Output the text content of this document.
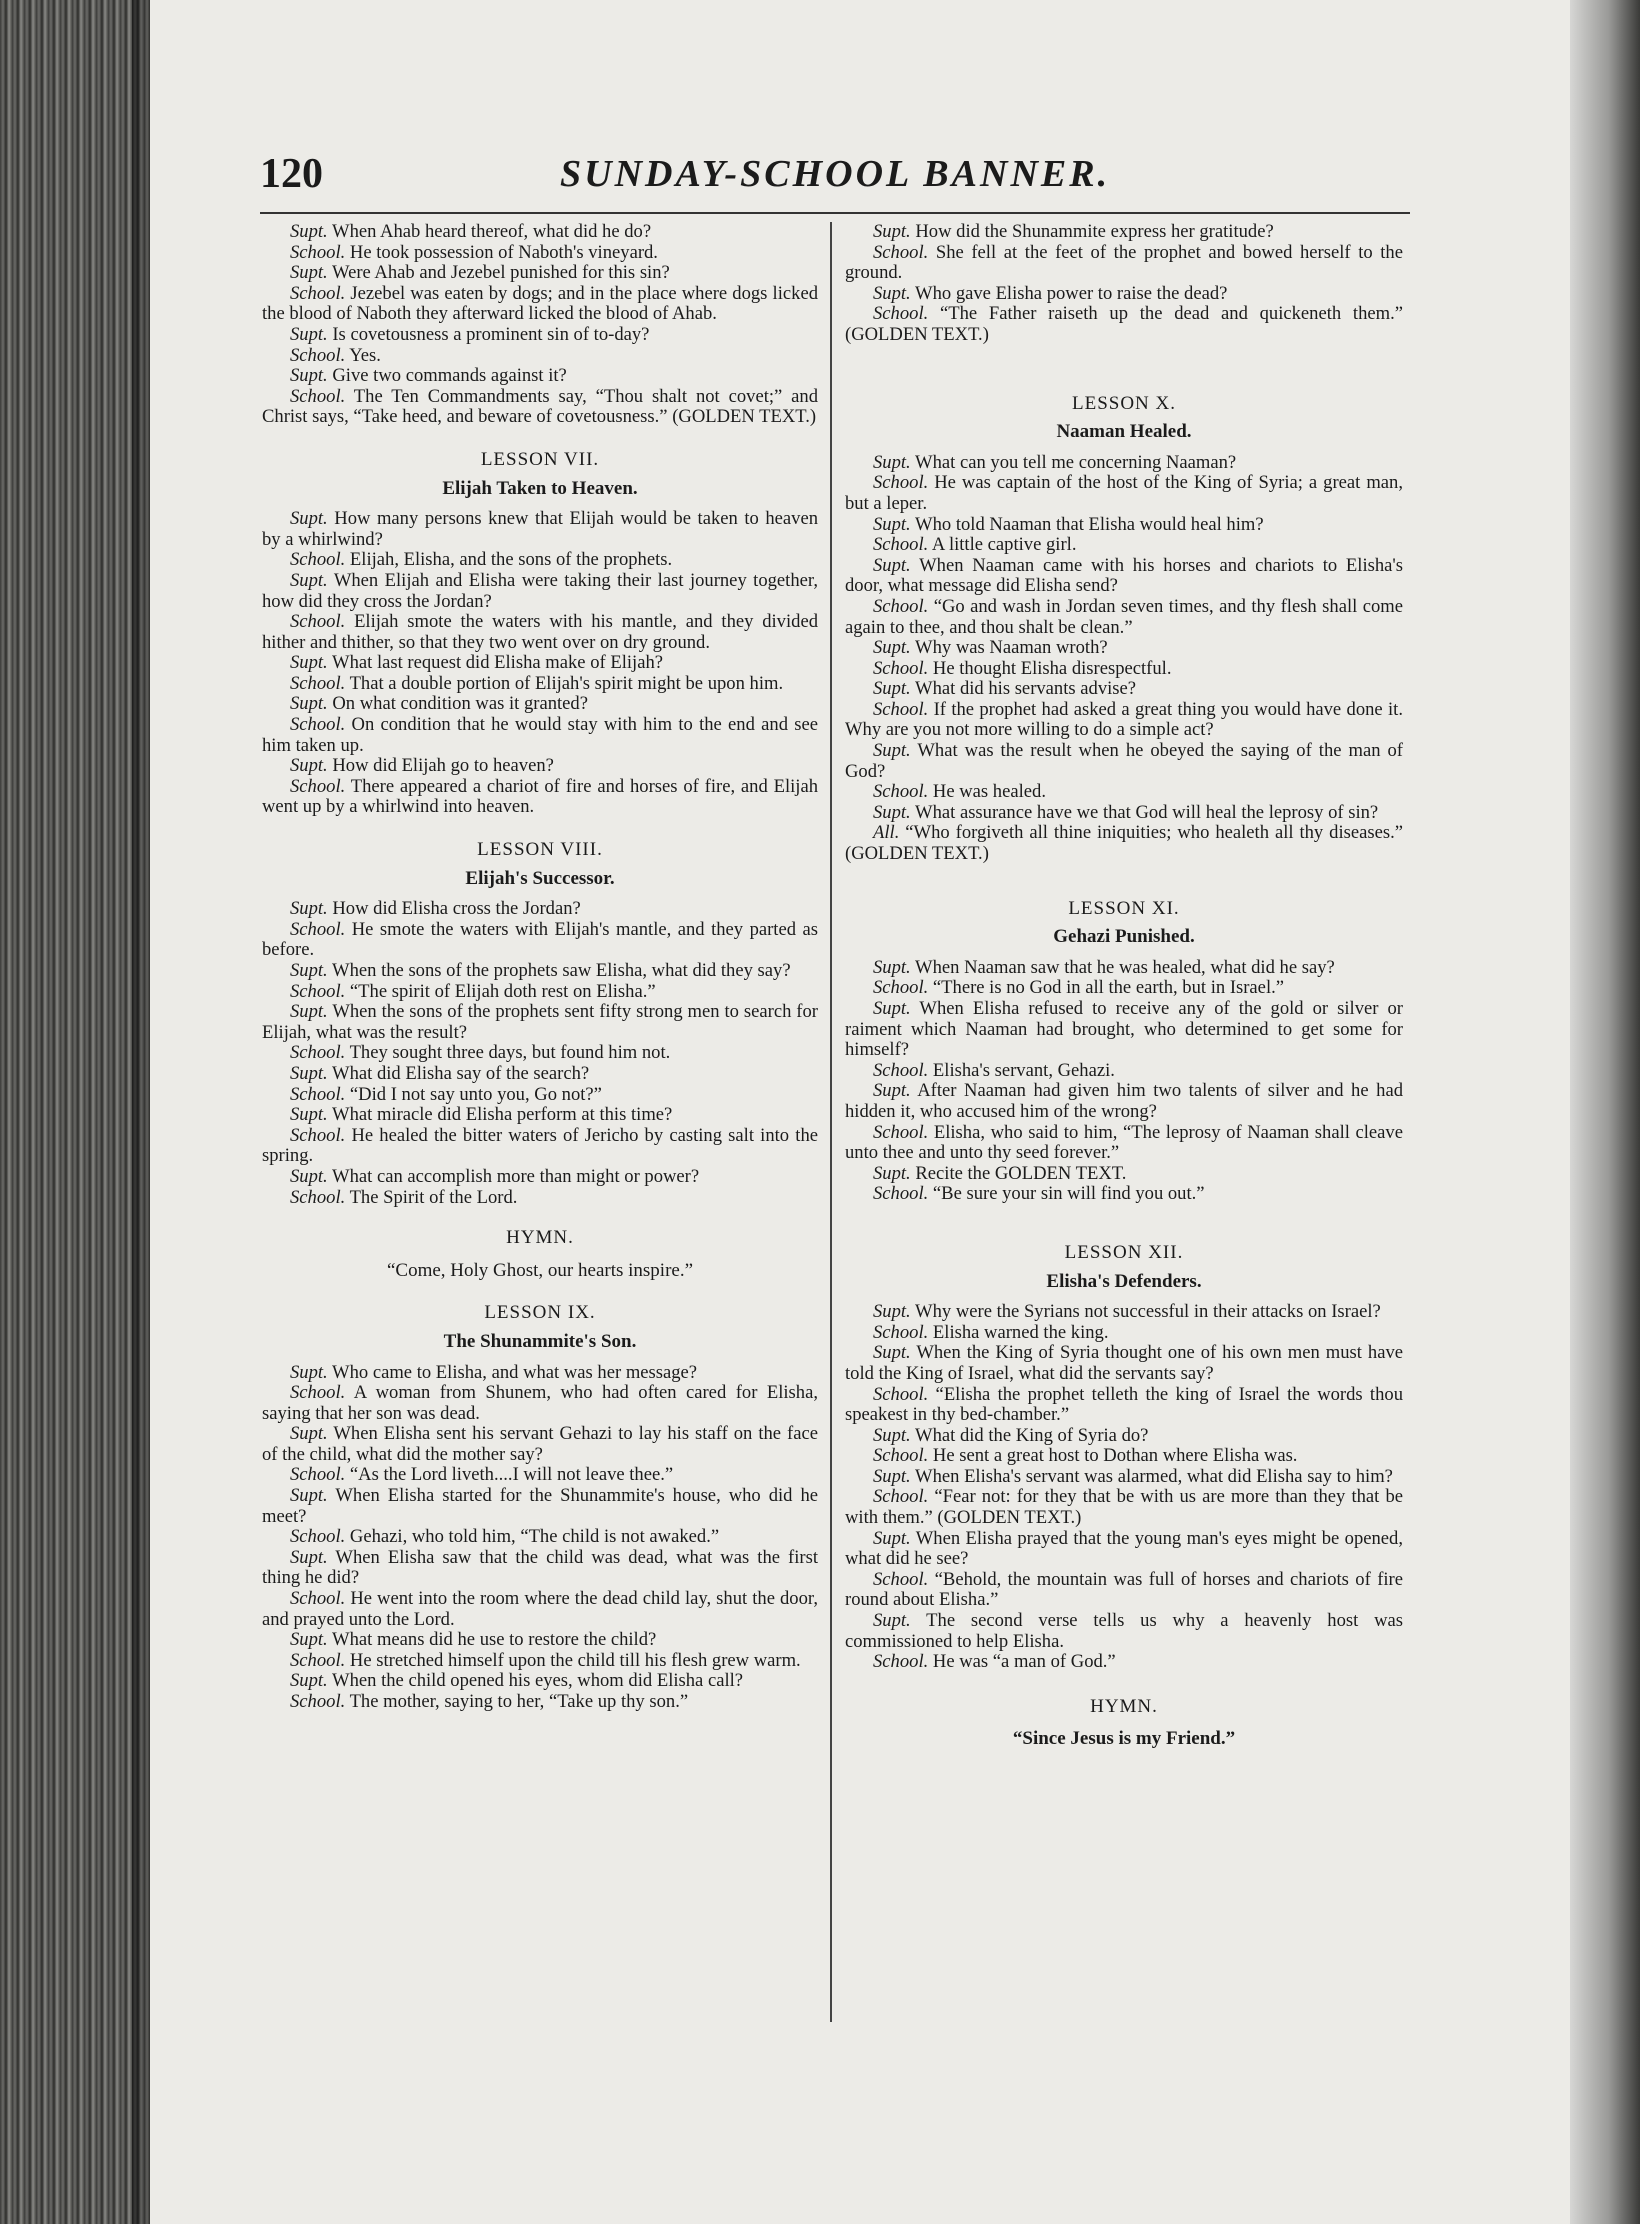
120	SUNDAY-SCHOOL BANNER.

Supt. When Ahab heard thereof, what did he do?

School. He took possession of Naboth's vineyard.

Supt. Were Ahab and Jezebel punished for this sin?

School. Jezebel was eaten by dogs; and in the place where dogs licked the blood of Naboth they afterward licked the blood of Ahab.

Supt. Is covetousness a prominent sin of to-day?

School. Yes.

Supt. Give two commands against it?

School. The Ten Commandments say, “Thou shalt not covet;” and Christ says, “Take heed, and beware of covetousness.” (GOLDEN TEXT.)

LESSON VII.
Elijah Taken to Heaven.

Supt. How many persons knew that Elijah would be taken to heaven by a whirlwind?

School. Elijah, Elisha, and the sons of the prophets.

Supt. When Elijah and Elisha were taking their last journey together, how did they cross the Jordan?

School. Elijah smote the waters with his mantle, and they divided hither and thither, so that they two went over on dry ground.

Supt. What last request did Elisha make of Elijah?

School. That a double portion of Elijah's spirit might be upon him.

Supt. On what condition was it granted?

School. On condition that he would stay with him to the end and see him taken up.

Supt. How did Elijah go to heaven?

School. There appeared a chariot of fire and horses of fire, and Elijah went up by a whirlwind into heaven.

LESSON VIII.
Elijah's Successor.

Supt. How did Elisha cross the Jordan?

School. He smote the waters with Elijah's mantle, and they parted as before.

Supt. When the sons of the prophets saw Elisha, what did they say?

School. “The spirit of Elijah doth rest on Elisha.”

Supt. When the sons of the prophets sent fifty strong men to search for Elijah, what was the result?

School. They sought three days, but found him not.

Supt. What did Elisha say of the search?

School. “Did I not say unto you, Go not?”

Supt. What miracle did Elisha perform at this time?

School. He healed the bitter waters of Jericho by casting salt into the spring.

Supt. What can accomplish more than might or power?

School. The Spirit of the Lord.

HYMN.
“Come, Holy Ghost, our hearts inspire.”
LESSON IX.
The Shunammite's Son.

Supt. Who came to Elisha, and what was her message?

School. A woman from Shunem, who had often cared for Elisha, saying that her son was dead.

Supt. When Elisha sent his servant Gehazi to lay his staff on the face of the child, what did the mother say?

School. “As the Lord liveth....I will not leave thee.”

Supt. When Elisha started for the Shunammite's house, who did he meet?

School. Gehazi, who told him, “The child is not awaked.”

Supt. When Elisha saw that the child was dead, what was the first thing he did?

School. He went into the room where the dead child lay, shut the door, and prayed unto the Lord.

Supt. What means did he use to restore the child?

School. He stretched himself upon the child till his flesh grew warm.

Supt. When the child opened his eyes, whom did Elisha call?

School. The mother, saying to her, “Take up thy son.”

Supt. How did the Shunammite express her gratitude?

School. She fell at the feet of the prophet and bowed herself to the ground.

Supt. Who gave Elisha power to raise the dead?

School. “The Father raiseth up the dead and quickeneth them.” (GOLDEN TEXT.)

LESSON X.
Naaman Healed.

Supt. What can you tell me concerning Naaman?

School. He was captain of the host of the King of Syria; a great man, but a leper.

Supt. Who told Naaman that Elisha would heal him?

School. A little captive girl.

Supt. When Naaman came with his horses and chariots to Elisha's door, what message did Elisha send?

School. “Go and wash in Jordan seven times, and thy flesh shall come again to thee, and thou shalt be clean.”

Supt. Why was Naaman wroth?

School. He thought Elisha disrespectful.

Supt. What did his servants advise?

School. If the prophet had asked a great thing you would have done it. Why are you not more willing to do a simple act?

Supt. What was the result when he obeyed the saying of the man of God?

School. He was healed.

Supt. What assurance have we that God will heal the leprosy of sin?

All. “Who forgiveth all thine iniquities; who healeth all thy diseases.” (GOLDEN TEXT.)

LESSON XI.
Gehazi Punished.

Supt. When Naaman saw that he was healed, what did he say?

School. “There is no God in all the earth, but in Israel.”

Supt. When Elisha refused to receive any of the gold or silver or raiment which Naaman had brought, who determined to get some for himself?

School. Elisha's servant, Gehazi.

Supt. After Naaman had given him two talents of silver and he had hidden it, who accused him of the wrong?

School. Elisha, who said to him, “The leprosy of Naaman shall cleave unto thee and unto thy seed forever.”

Supt. Recite the GOLDEN TEXT.

School. “Be sure your sin will find you out.”

LESSON XII.
Elisha's Defenders.

Supt. Why were the Syrians not successful in their attacks on Israel?

School. Elisha warned the king.

Supt. When the King of Syria thought one of his own men must have told the King of Israel, what did the servants say?

School. “Elisha the prophet telleth the king of Israel the words thou speakest in thy bed-chamber.”

Supt. What did the King of Syria do?

School. He sent a great host to Dothan where Elisha was.

Supt. When Elisha's servant was alarmed, what did Elisha say to him?

School. “Fear not: for they that be with us are more than they that be with them.” (GOLDEN TEXT.)

Supt. When Elisha prayed that the young man's eyes might be opened, what did he see?

School. “Behold, the mountain was full of horses and chariots of fire round about Elisha.”

Supt. The second verse tells us why a heavenly host was commissioned to help Elisha.

School. He was “a man of God.”

HYMN.
“Since Jesus is my Friend.”
